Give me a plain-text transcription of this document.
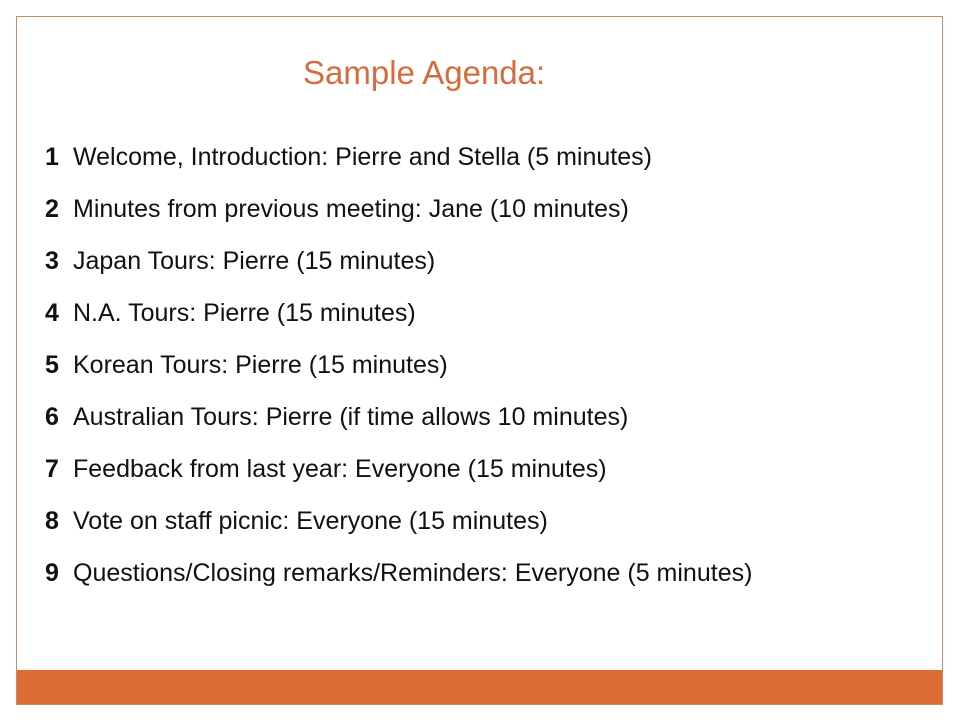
Sample Agenda:
1 Welcome, Introduction: Pierre and Stella (5 minutes)
2 Minutes from previous meeting: Jane (10 minutes)
3 Japan Tours: Pierre (15 minutes)
4 N.A. Tours: Pierre (15 minutes)
5 Korean Tours: Pierre (15 minutes)
6 Australian Tours: Pierre (if time allows 10 minutes)
7 Feedback from last year: Everyone (15 minutes)
8 Vote on staff picnic: Everyone (15 minutes)
9 Questions/Closing remarks/Reminders: Everyone (5 minutes)
